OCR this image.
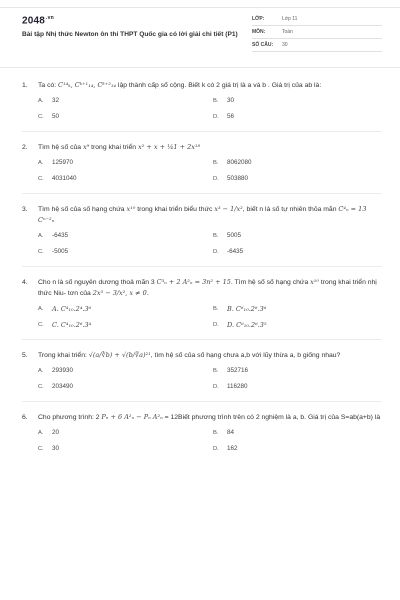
$2048^{.vn}$
Bài tập Nhị thức Newton ôn thi THPT Quốc gia có lời giải chi tiết (P1)
LỚP:	Lớp 11
MÔN:	Toán
SỐ CÂU:	30
1.	Ta có: C¹⁴ₖ, Cᵏ⁺¹₁₄, Cᵏ⁺²₁₄ lập thành cấp số cộng. Biết k có 2 giá trị là a và b . Giá trị của ab là:
A.	32	B.	30
C.	50	D.	56
2.	Tìm hệ số của x⁹ trong khai triển x² + x + ¼1 + 2x¹⁸
A.	125970	B.	8062080
C.	4031040	D.	503880
3.	Tìm hệ số của số hạng chứa x¹⁰ trong khai triển biểu thức x³ − 1/x², biết n là số tự nhiên thỏa mãn C⁴ₙ = 13 Cⁿ⁻²ₙ
A.	-6435	B.	5005
C.	-5005	D.	-6435
4.	Cho n là số nguyên dương thoả mãn 3 C³ₙ + 2 A²ₙ = 3n² + 15. Tìm hệ số số hạng chứa x¹⁰ trong khai triển nhị thức Niu- tơn của 2x³ − 3/x², x ≠ 0.
A.	A. C⁴₁₀.2⁴.3⁶	B.	B. C⁶₁₀.2⁶.3⁶
C.	C. C⁴₁₀.2⁶.3⁴	D.	D. C⁶₁₀.2⁶.3⁵
5.	Trong khai triển: √(a/∛b) + √(b/∛a)²¹, tìm hệ số của số hạng chưa a,b với lũy thừa a, b giống nhau?
A.	293930	B.	352716
C.	203490	D.	116280
6.	Cho phương trình: 2 Pₙ + 6 A²ₙ − Pₙ A²ₙ = 12Biết phương trình trên có 2 nghiệm là a, b. Giá trị của S=ab(a+b) là
A.	20	B.	84
C.	30	D.	162
